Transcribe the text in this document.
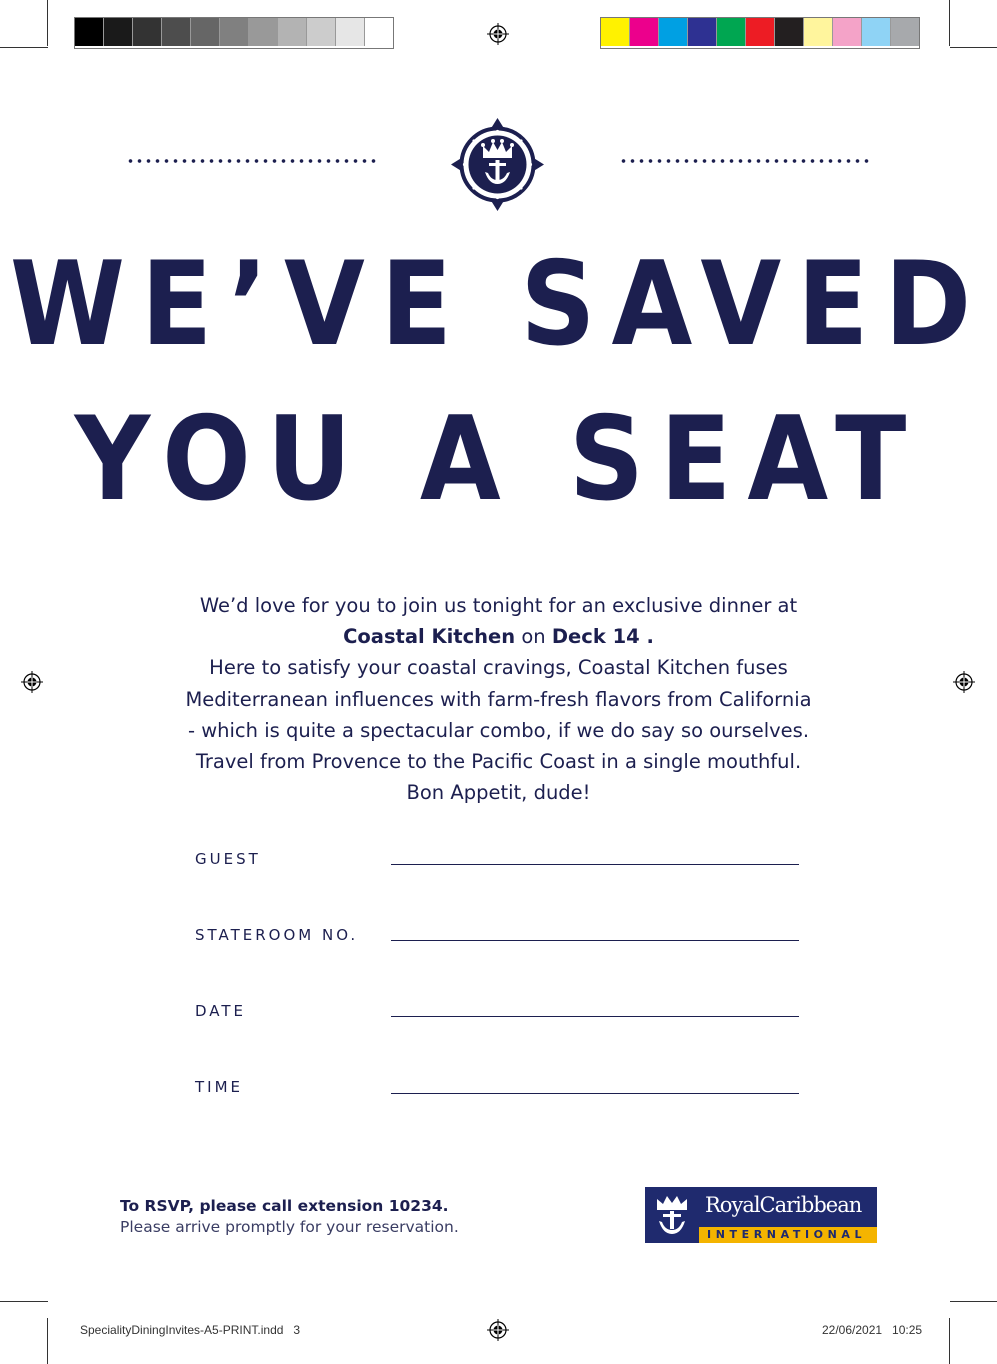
WE’VE SAVED
YOU A SEAT

We’d love for you to join us tonight for an exclusive dinner at

Coastal Kitchen on Deck 14 .

Here to satisfy your coastal cravings, Coastal Kitchen fuses Mediterranean influences with farm-fresh flavors from California - which is quite a spectacular combo, if we do say so ourselves. Travel from Provence to the Pacific Coast in a single mouthful. Bon Appetit, dude!

GUEST
STATEROOM NO.
DATE
TIME
To RSVP, please call extension 10234.
Please arrive promptly for your reservation.
RoyalCaribbean
INTERNATIONAL
SpecialityDiningInvites-A5-PRINT.indd   3	22/06/2021   10:25
